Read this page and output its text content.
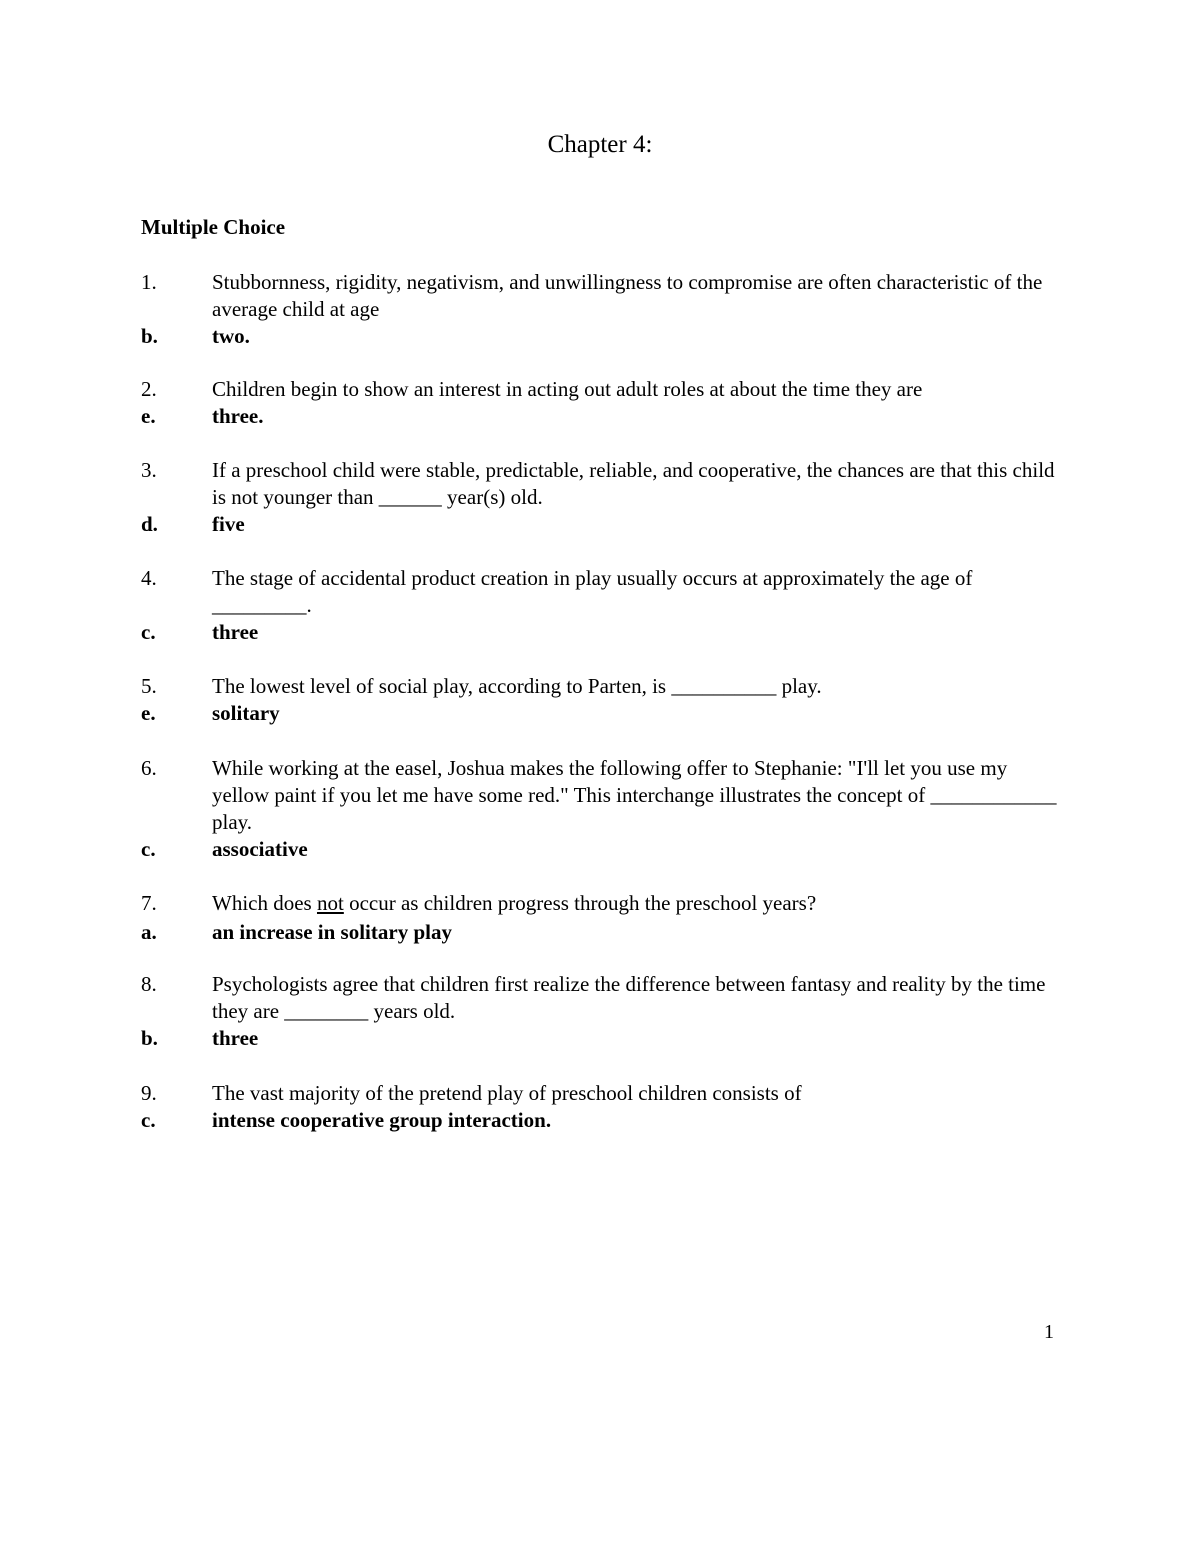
Chapter 4:
Multiple Choice
1.	Stubbornness, rigidity, negativism, and unwillingness to compromise are often characteristic of the average child at age
b.	two.
2.	Children begin to show an interest in acting out adult roles at about the time they are
e.	three.
3.	If a preschool child were stable, predictable, reliable, and cooperative, the chances are that this child is not younger than ______ year(s) old.
d.	five
4.	The stage of accidental product creation in play usually occurs at approximately the age of _________.
c.	three
5.	The lowest level of social play, according to Parten, is __________ play.
e.	solitary
6.	While working at the easel, Joshua makes the following offer to Stephanie: "I'll let you use my yellow paint if you let me have some red." This interchange illustrates the concept of ____________ play.
c.	associative
7.	Which does not occur as children progress through the preschool years?
a.	an increase in solitary play
8.	Psychologists agree that children first realize the difference between fantasy and reality by the time they are ________ years old.
b.	three
9.	The vast majority of the pretend play of preschool children consists of
c.	intense cooperative group interaction.
1
